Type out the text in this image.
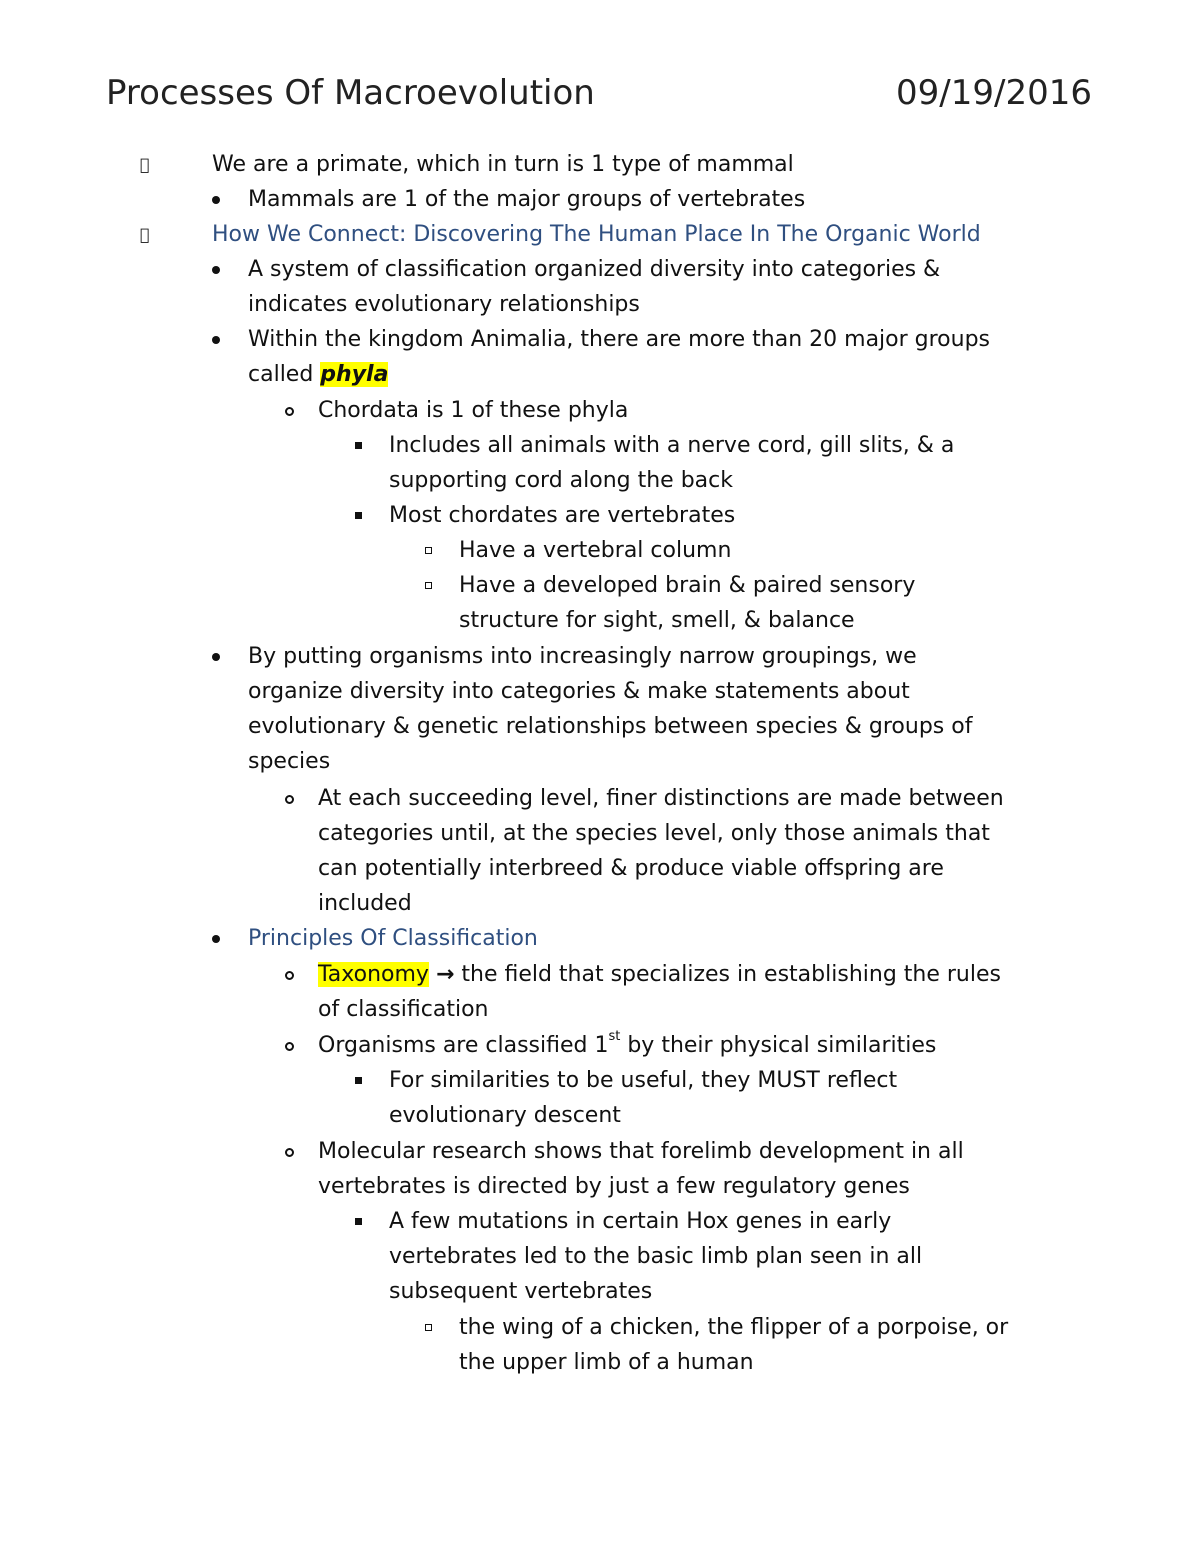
Processes Of Macroevolution	09/19/2016
We are a primate, which in turn is 1 type of mammal
Mammals are 1 of the major groups of vertebrates
How We Connect: Discovering The Human Place In The Organic World
A system of classification organized diversity into categories &
indicates evolutionary relationships
Within the kingdom Animalia, there are more than 20 major groups
called phyla
Chordata is 1 of these phyla
Includes all animals with a nerve cord, gill slits, & a
supporting cord along the back
Most chordates are vertebrates
Have a vertebral column
Have a developed brain & paired sensory
structure for sight, smell, & balance
By putting organisms into increasingly narrow groupings, we
organize diversity into categories & make statements about
evolutionary & genetic relationships between species & groups of
species
At each succeeding level, finer distinctions are made between
categories until, at the species level, only those animals that
can potentially interbreed & produce viable offspring are
included
Principles Of Classification
Taxonomy → the field that specializes in establishing the rules
of classification
Organisms are classified 1st by their physical similarities
For similarities to be useful, they MUST reflect
evolutionary descent
Molecular research shows that forelimb development in all
vertebrates is directed by just a few regulatory genes
A few mutations in certain Hox genes in early
vertebrates led to the basic limb plan seen in all
subsequent vertebrates
the wing of a chicken, the flipper of a porpoise, or
the upper limb of a human
